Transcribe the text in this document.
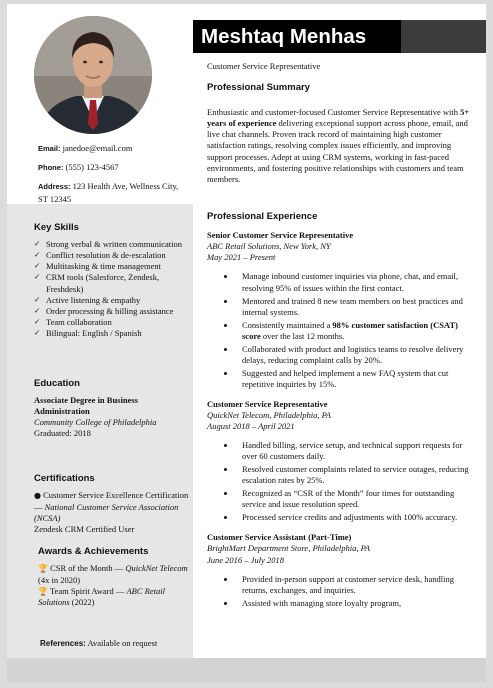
Email: janedoe@email.com
Phone: (555) 123-4567
Address: 123 Health Ave, Wellness City, ST 12345
Key Skills
✓ Strong verbal & written communication
✓ Conflict resolution & de-escalation
✓ Multitasking & time management
✓ CRM tools (Salesforce, Zendesk, Freshdesk)
✓ Active listening & empathy
✓ Order processing & billing assistance
✓ Team collaboration
✓ Bilingual: English / Spanish
Education
Associate Degree in Business Administration
Community College of Philadelphia
Graduated: 2018
Certifications
● Customer Service Excellence Certification — National Customer Service Association (NCSA)
Zendesk CRM Certified User
Awards & Achievements
🏆 CSR of the Month — QuickNet Telecom (4x in 2020)
🏆 Team Spirit Award — ABC Retail Solutions (2022)
References: Available on request
Meshtaq Menhas
Customer Service Representative
Professional Summary
Enthusiastic and customer-focused Customer Service Representative with 5+ years of experience delivering exceptional support across phone, email, and live chat channels. Proven track record of maintaining high customer satisfaction ratings, resolving complex issues efficiently, and improving support processes. Adept at using CRM systems, working in fast-paced environments, and fostering positive relationships with customers and team members.
Professional Experience
Senior Customer Service Representative
ABC Retail Solutions, New York, NY
May 2021 – Present
• Manage inbound customer inquiries via phone, chat, and email, resolving 95% of issues within the first contact.
• Mentored and trained 8 new team members on best practices and internal systems.
• Consistently maintained a 98% customer satisfaction (CSAT) score over the last 12 months.
• Collaborated with product and logistics teams to resolve delivery delays, reducing complaint calls by 20%.
• Suggested and helped implement a new FAQ system that cut repetitive inquiries by 15%.
Customer Service Representative
QuickNet Telecom, Philadelphia, PA
August 2018 – April 2021
• Handled billing, service setup, and technical support requests for over 60 customers daily.
• Resolved customer complaints related to service outages, reducing escalation rates by 25%.
• Recognized as “CSR of the Month” four times for outstanding service and issue resolution speed.
• Processed service credits and adjustments with 100% accuracy.
Customer Service Assistant (Part-Time)
BrightMart Department Store, Philadelphia, PA
June 2016 – July 2018
• Provided in-person support at customer service desk, handling returns, exchanges, and inquiries.
• Assisted with managing store loyalty program,
